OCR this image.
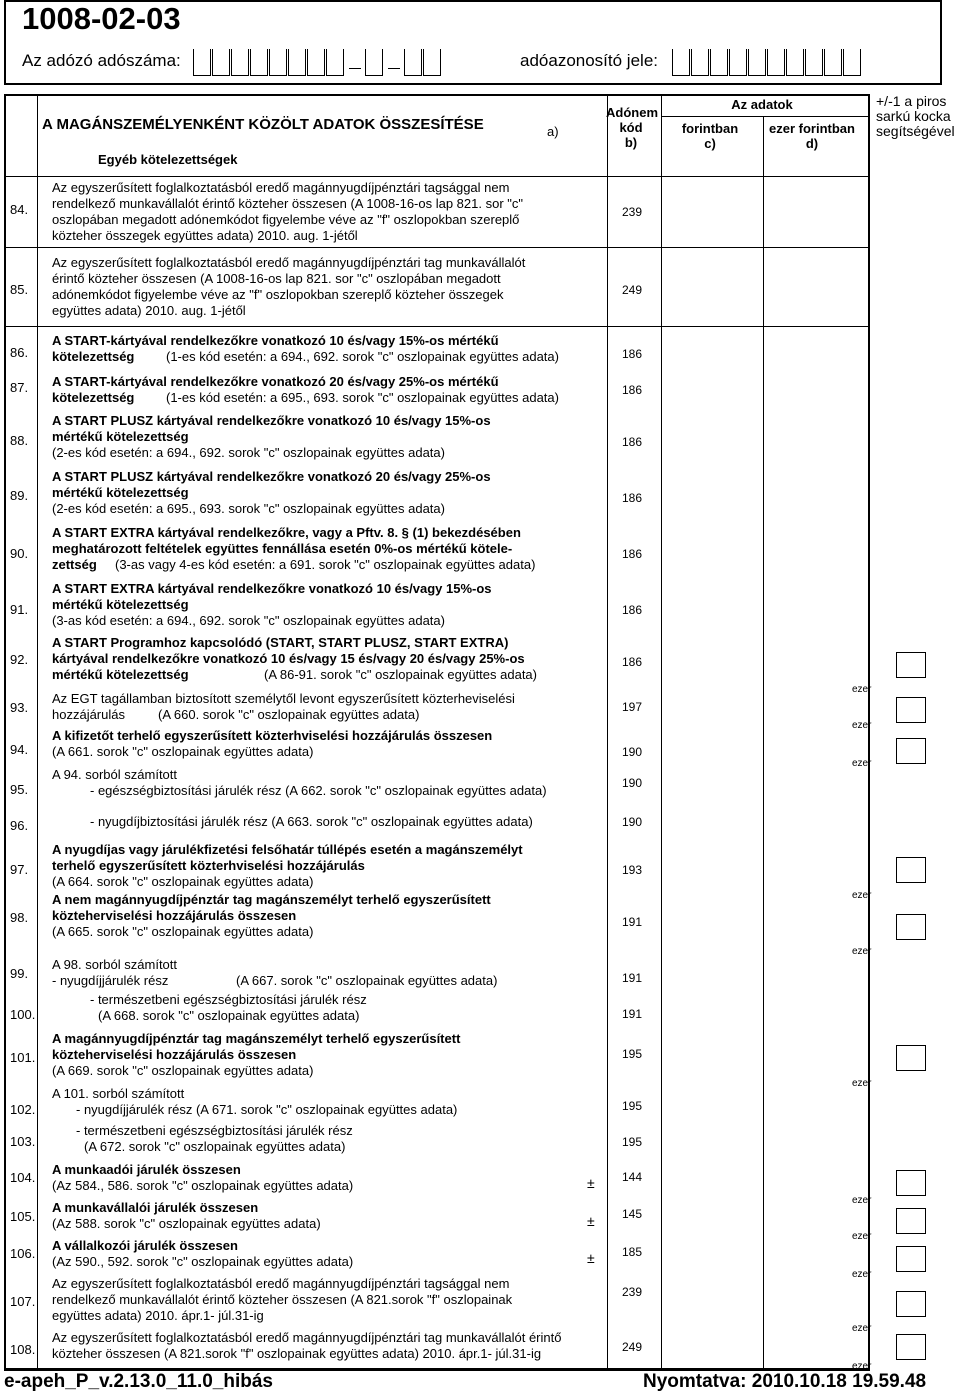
1008-02-03
Az adózó adószáma:	adóazonosító jele:
+/-1 a piros sarkú kocka segítségével
A MAGÁNSZEMÉLYENKÉNT KÖZÖLT ADATOK ÖSSZESÍTÉSE	a)
Adónem
kód
b)
Az adatok
forintban
c)
ezer forintban
d)
Egyéb kötelezettségek
84.
Az egyszerűsített foglalkoztatásból eredő magánnyugdíjpénztári tagsággal nem
rendelkező munkavállalót érintő közteher összesen (A 1008-16-os lap 821. sor "c"
oszlopában megadott adónemkódot figyelembe véve az "f" oszlopokban szereplő
közteher összegek együttes adata) 2010. aug. 1-jétől
239
85.
Az egyszerűsített foglalkoztatásból eredő magánnyugdíjpénztári tag munkavállalót
érintő közteher összesen (A 1008-16-os lap 821. sor "c" oszlopában megadott
adónemkódot figyelembe véve az "f" oszlopokban szereplő közteher összegek
együttes adata) 2010. aug. 1-jétől
249
86.
A START-kártyával rendelkezőkre vonatkozó 10 és/vagy 15%-os mértékű
kötelezettség (1-es kód esetén: a 694., 692. sorok "c" oszlopainak együttes adata)	186
87. A START-kártyával rendelkezőkre vonatkozó 20 és/vagy 25%-os mértékű
kötelezettség (1-es kód esetén: a 695., 693. sorok "c" oszlopainak együttes adata)	186
88.
A START PLUSZ kártyával rendelkezőkre vonatkozó 10 és/vagy 15%-os
mértékű kötelezettség
(2-es kód esetén: a 694., 692. sorok "c" oszlopainak együttes adata)
186
89.
A START PLUSZ kártyával rendelkezőkre vonatkozó 20 és/vagy 25%-os
mértékű kötelezettség
(2-es kód esetén: a 695., 693. sorok "c" oszlopainak együttes adata)
186
90.
A START EXTRA kártyával rendelkezőkre, vagy a Pftv. 8. § (1) bekezdésében
meghatározott feltételek együttes fennállása esetén 0%-os mértékű kötele-
zettség (3-as vagy 4-es kód esetén: a 691. sorok "c" oszlopainak együttes adata)
186
91.
A START EXTRA kártyával rendelkezőkre vonatkozó 10 és/vagy 15%-os
mértékű kötelezettség
(3-as kód esetén: a 694., 692. sorok "c" oszlopainak együttes adata)
186
92.
A START Programhoz kapcsolódó (START, START PLUSZ, START EXTRA)
kártyával rendelkezőkre vonatkozó 10 és/vagy 15 és/vagy 20 és/vagy 25%-os
mértékű kötelezettség	(A 86-91. sorok "c" oszlopainak együttes adata)
186
93.
Az EGT tagállamban biztosított személytől levont egyszerűsített közterheviselési
hozzájárulás	(A 660. sorok "c" oszlopainak együttes adata)	197
ezer
94.
A kifizetőt terhelő egyszerűsített közterhviselési hozzájárulás összesen
(A 661. sorok "c" oszlopainak együttes adata)	190
ezer
95.
A 94. sorból számított
- egészségbiztosítási járulék rész (A 662. sorok "c" oszlopainak együttes adata)	190
ezer
96.	- nyugdíjbiztosítási járulék rész (A 663. sorok "c" oszlopainak együttes adata)	190
97.
A nyugdíjas vagy járulékfizetési felsőhatár túllépés esetén a magánszemélyt
terhelő egyszerűsített közterhviselési hozzájárulás
(A 664. sorok "c" oszlopainak együttes adata)
193
ezer
98.
A nem magánnyugdíjpénztár tag magánszemélyt terhelő egyszerűsített
közteherviselési hozzájárulás összesen
(A 665. sorok "c" oszlopainak együttes adata)
191
ezer
99.
A 98. sorból számított
- nyugdíjjárulék rész	(A 667. sorok "c" oszlopainak együttes adata)	191
100.
- természetbeni egészségbiztosítási járulék rész
(A 668. sorok "c" oszlopainak együttes adata)	191
101.
A magánnyugdíjpénztár tag magánszemélyt terhelő egyszerűsített
közteherviselési hozzájárulás összesen
(A 669. sorok "c" oszlopainak együttes adata)
195
ezer
102.
A 101. sorból számított
- nyugdíjjárulék rész (A 671. sorok "c" oszlopainak együttes adata)	195
103.
- természetbeni egészségbiztosítási járulék rész
(A 672. sorok "c" oszlopainak együttes adata)	195
104.
A munkaadói járulék összesen
(Az 584., 586. sorok "c" oszlopainak együttes adata)
144
ezer
±
105.
A munkavállalói járulék összesen
(Az 588. sorok "c" oszlopainak együttes adata)
145
ezer
±
106.
A vállalkozói járulék összesen
(Az 590., 592. sorok "c" oszlopainak együttes adata)
185
ezer
±
107.
Az egyszerűsített foglalkoztatásból eredő magánnyugdíjpénztári tagsággal nem
rendelkező munkavállalót érintő közteher összesen (A 821.sorok "f" oszlopainak
együttes adata) 2010. ápr.1- júl.31-ig
239
ezer
108.
Az egyszerűsített foglalkoztatásból eredő magánnyugdíjpénztári tag munkavállalót érintő
közteher összesen (A 821.sorok "f" oszlopainak együttes adata) 2010. ápr.1- júl.31-ig	249
ezer
e-apeh_P_v.2.13.0_11.0_hibás	Nyomtatva: 2010.10.18 19.59.48
